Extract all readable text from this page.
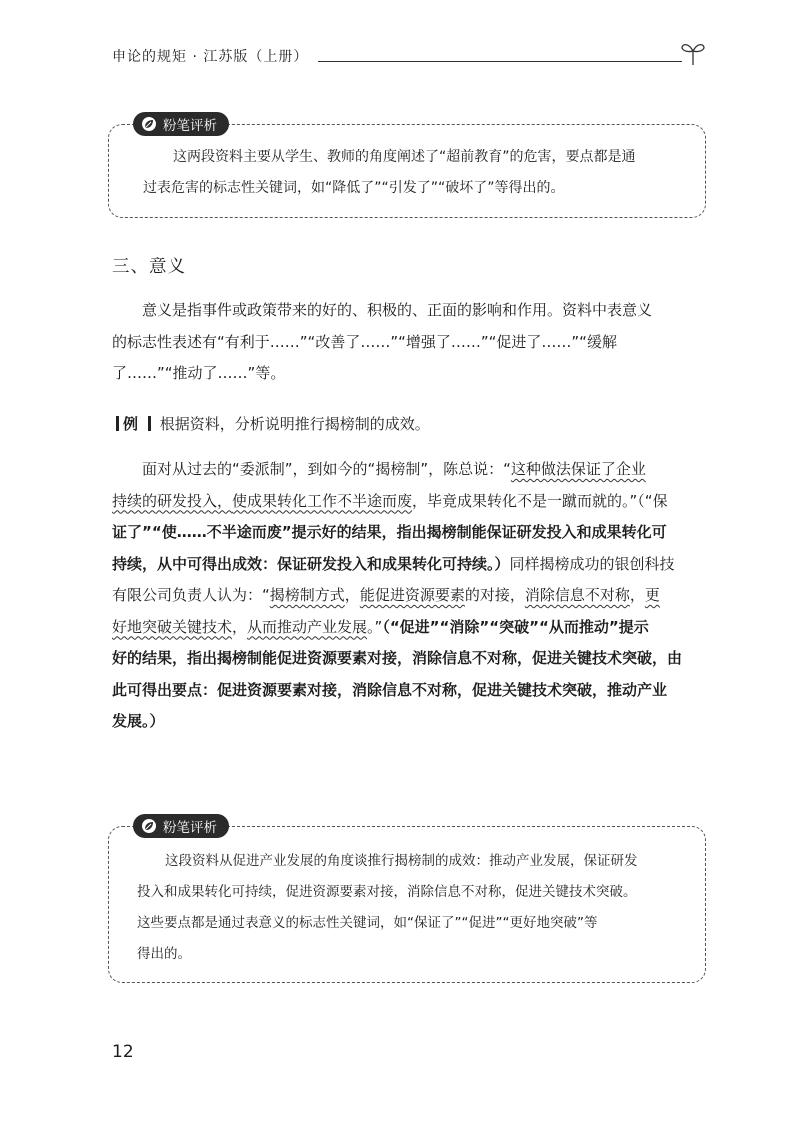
申论的规矩 · 江苏版（上册）
粉笔评析

这两段资料主要从学生、教师的角度阐述了“超前教育”的危害，要点都是通

过表危害的标志性关键词，如“降低了”“引发了”“破坏了”等得出的。

三、意义

意义是指事件或政策带来的好的、积极的、正面的影响和作用。资料中表意义

的标志性表述有“有利于……”“改善了……”“增强了……”“促进了……”“缓解

了……”“推动了……”等。

例 根据资料，分析说明推行揭榜制的成效。

面对从过去的“委派制”，到如今的“揭榜制”，陈总说：“这种做法保证了企业

持续的研发投入，使成果转化工作不半途而废，毕竟成果转化不是一蹴而就的。”（“保

证了”“使……不半途而废”提示好的结果，指出揭榜制能保证研发投入和成果转化可

持续，从中可得出成效：保证研发投入和成果转化可持续。）同样揭榜成功的银创科技

有限公司负责人认为：“揭榜制方式，能促进资源要素的对接，消除信息不对称，更

好地突破关键技术，从而推动产业发展。”（“促进”“消除”“突破”“从而推动”提示

好的结果，指出揭榜制能促进资源要素对接，消除信息不对称，促进关键技术突破，由

此可得出要点：促进资源要素对接，消除信息不对称，促进关键技术突破，推动产业

发展。）

粉笔评析

这段资料从促进产业发展的角度谈推行揭榜制的成效：推动产业发展，保证研发

投入和成果转化可持续，促进资源要素对接，消除信息不对称，促进关键技术突破。

这些要点都是通过表意义的标志性关键词，如“保证了”“促进”“更好地突破”等

得出的。

12
